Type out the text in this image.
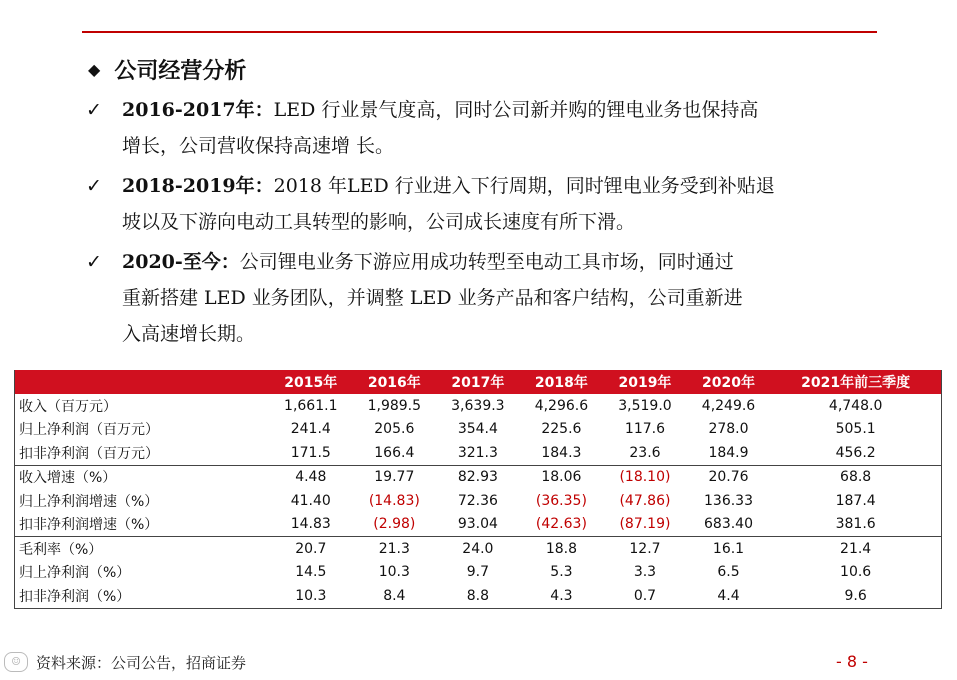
◆ 公司经营分析
✓ 2016-2017年：LED 行业景气度高，同时公司新并购的锂电业务也保持高
增长，公司营收保持高速增 长。
✓ 2018-2019年：2018 年LED 行业进入下行周期，同时锂电业务受到补贴退
坡以及下游向电动工具转型的影响，公司成长速度有所下滑。
✓ 2020-至今：公司锂电业务下游应用成功转型至电动工具市场，同时通过
重新搭建 LED 业务团队，并调整 LED 业务产品和客户结构，公司重新进
入高速增长期。
	2015年	2016年	2017年	2018年	2019年	2020年	2021年前三季度
收入（百万元）	1,661.1	1,989.5	3,639.3	4,296.6	3,519.0	4,249.6	4,748.0
归上净利润（百万元）	241.4	205.6	354.4	225.6	117.6	278.0	505.1
扣非净利润（百万元）	171.5	166.4	321.3	184.3	23.6	184.9	456.2
收入增速（%）	4.48	19.77	82.93	18.06	(18.10)	20.76	68.8
归上净利润增速（%）	41.40	(14.83)	72.36	(36.35)	(47.86)	136.33	187.4
扣非净利润增速（%）	14.83	(2.98)	93.04	(42.63)	(87.19)	683.40	381.6
毛利率（%）	20.7	21.3	24.0	18.8	12.7	16.1	21.4
归上净利润（%）	14.5	10.3	9.7	5.3	3.3	6.5	10.6
扣非净利润（%）	10.3	8.4	8.8	4.3	0.7	4.4	9.6
☺	资料来源：公司公告，招商证券	- 8 -
